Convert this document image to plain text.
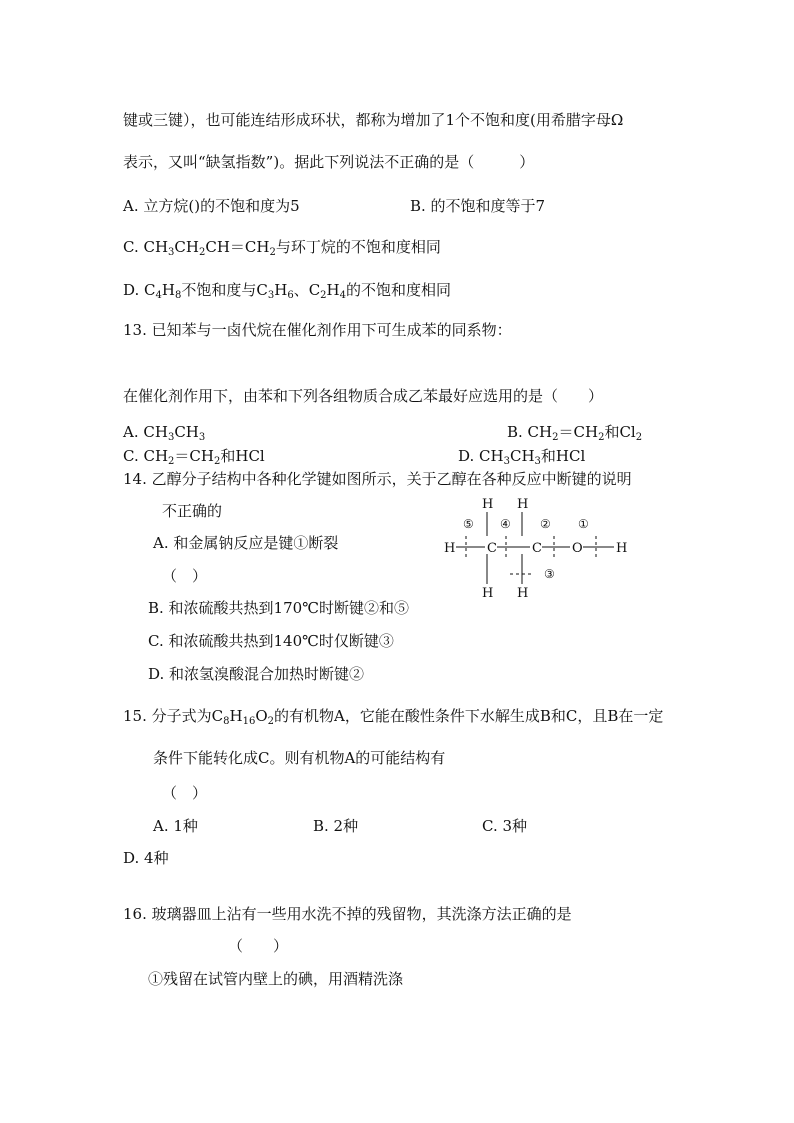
键或三键），也可能连结形成环状，都称为增加了1个不饱和度(用希腊字母Ω
表示，又叫“缺氢指数”)。据此下列说法不正确的是（　　　）
A. 立方烷()的不饱和度为5	B. 的不饱和度等于7
C. $CH_3CH_2CH=CH_2$与环丁烷的不饱和度相同
D. $C_4H_8$不饱和度与$C_3H_6$、$C_2H_4$的不饱和度相同
13. 已知苯与一卤代烷在催化剂作用下可生成苯的同系物：
在催化剂作用下，由苯和下列各组物质合成乙苯最好应选用的是（　　）
A. $CH_3CH_3$	B. $CH_2=CH_2$和$Cl_2$
C. $CH_2=CH_2$和HCl	D. $CH_3CH_3$和HCl
14. 乙醇分子结构中各种化学键如图所示，关于乙醇在各种反应中断键的说明
不正确的
A. 和金属钠反应是键①断裂
（　）
B. 和浓硫酸共热到170℃时断键②和⑤
C. 和浓硫酸共热到140℃时仅断键③
D. 和浓氢溴酸混合加热时断键②
H H
H H
H C	C O	H
⑤ ④ ② ①
③
15. 分子式为$C_8H_{16}O_2$的有机物A，它能在酸性条件下水解生成B和C，且B在一定
条件下能转化成C。则有机物A的可能结构有
（　）
A. 1种	B. 2种	C. 3种
D. 4种
16. 玻璃器皿上沾有一些用水洗不掉的残留物，其洗涤方法正确的是
（　　）
①残留在试管内壁上的碘，用酒精洗涤
